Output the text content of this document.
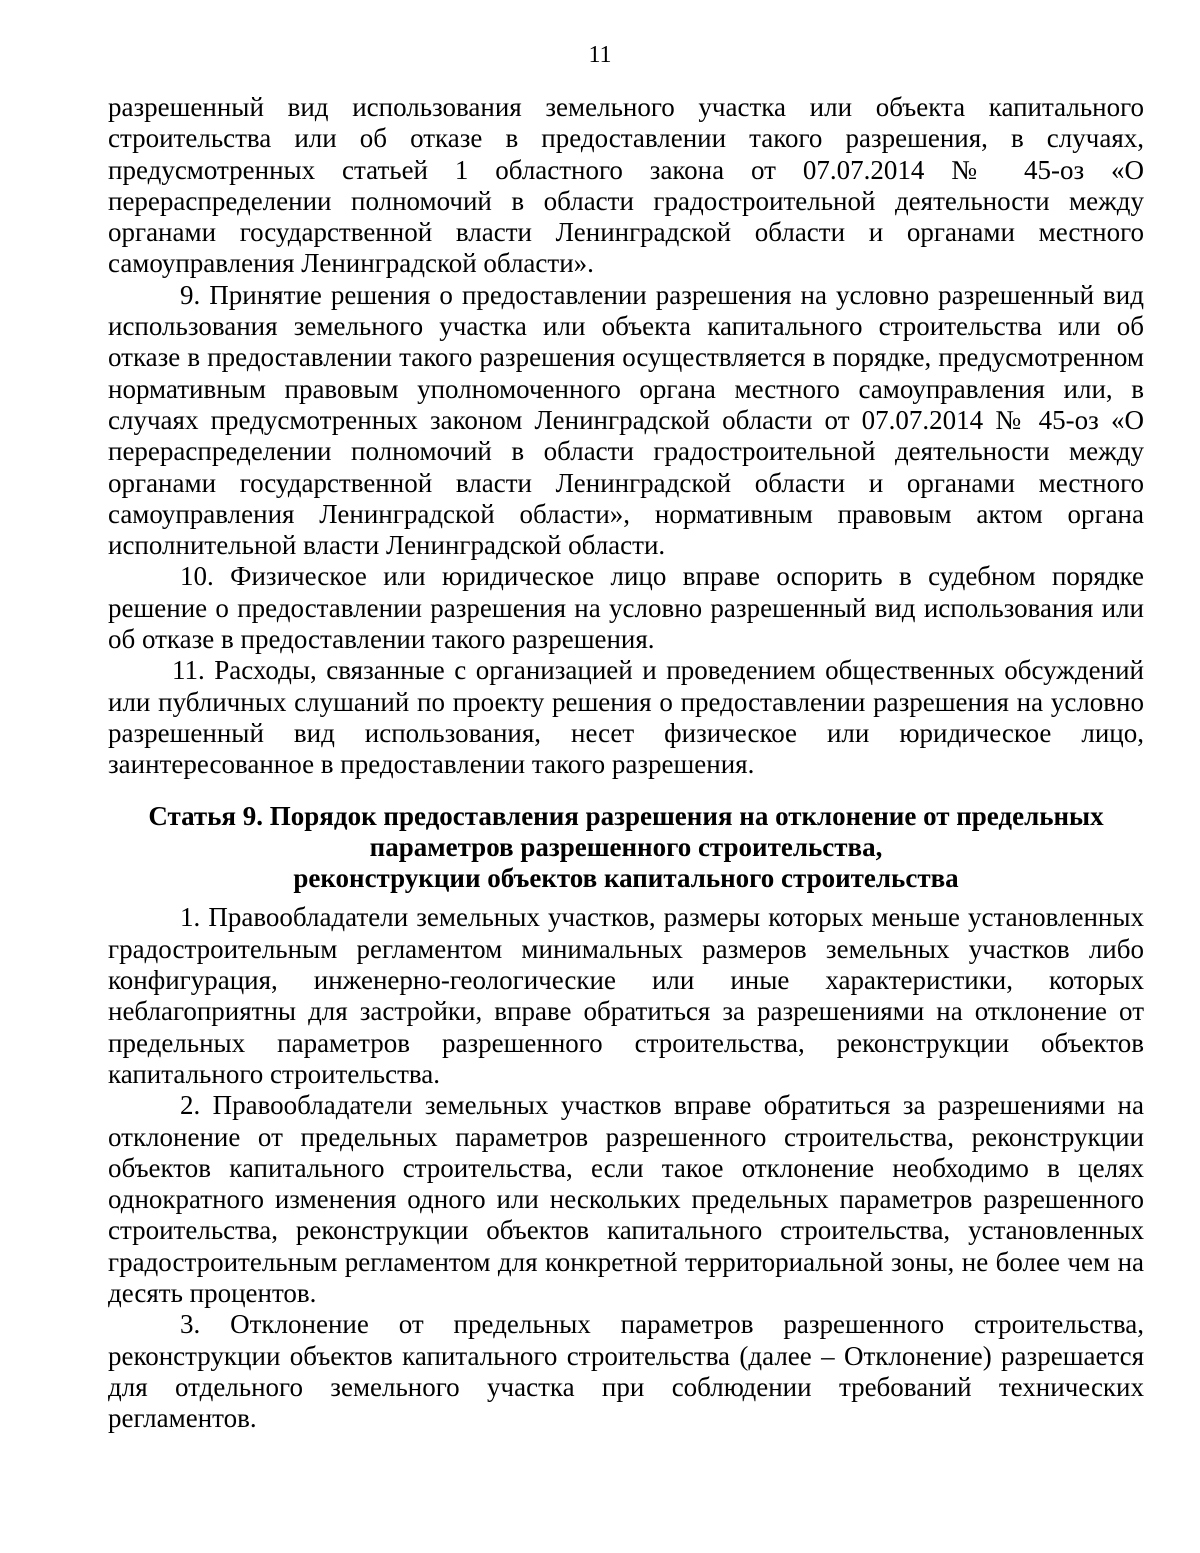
11

разрешенный вид использования земельного участка или объекта капитального строительства или об отказе в предоставлении такого разрешения, в случаях, предусмотренных статьей 1 областного закона от 07.07.2014 № 45-оз «О перераспределении полномочий в области градостроительной деятельности между органами государственной власти Ленинградской области и органами местного самоуправления Ленинградской области».

9. Принятие решения о предоставлении разрешения на условно разрешенный вид использования земельного участка или объекта капитального строительства или об отказе в предоставлении такого разрешения осуществляется в порядке, предусмотренном нормативным правовым уполномоченного органа местного самоуправления или, в случаях предусмотренных законом Ленинградской области от 07.07.2014 № 45-оз «О перераспределении полномочий в области градостроительной деятельности между органами государственной власти Ленинградской области и органами местного самоуправления Ленинградской области», нормативным правовым актом органа исполнительной власти Ленинградской области.

10. Физическое или юридическое лицо вправе оспорить в судебном порядке решение о предоставлении разрешения на условно разрешенный вид использования или об отказе в предоставлении такого разрешения.

11. Расходы, связанные с организацией и проведением общественных обсуждений или публичных слушаний по проекту решения о предоставлении разрешения на условно разрешенный вид использования, несет физическое или юридическое лицо, заинтересованное в предоставлении такого разрешения.

Статья 9. Порядок предоставления разрешения на отклонение от предельных
параметров разрешенного строительства,
реконструкции объектов капитального строительства

1. Правообладатели земельных участков, размеры которых меньше установленных градостроительным регламентом минимальных размеров земельных участков либо конфигурация, инженерно-геологические или иные характеристики, которых неблагоприятны для застройки, вправе обратиться за разрешениями на отклонение от предельных параметров разрешенного строительства, реконструкции объектов капитального строительства.

2. Правообладатели земельных участков вправе обратиться за разрешениями на отклонение от предельных параметров разрешенного строительства, реконструкции объектов капитального строительства, если такое отклонение необходимо в целях однократного изменения одного или нескольких предельных параметров разрешенного строительства, реконструкции объектов капитального строительства, установленных градостроительным регламентом для конкретной территориальной зоны, не более чем на десять процентов.

3. Отклонение от предельных параметров разрешенного строительства, реконструкции объектов капитального строительства (далее – Отклонение) разрешается для отдельного земельного участка при соблюдении требований технических регламентов.
